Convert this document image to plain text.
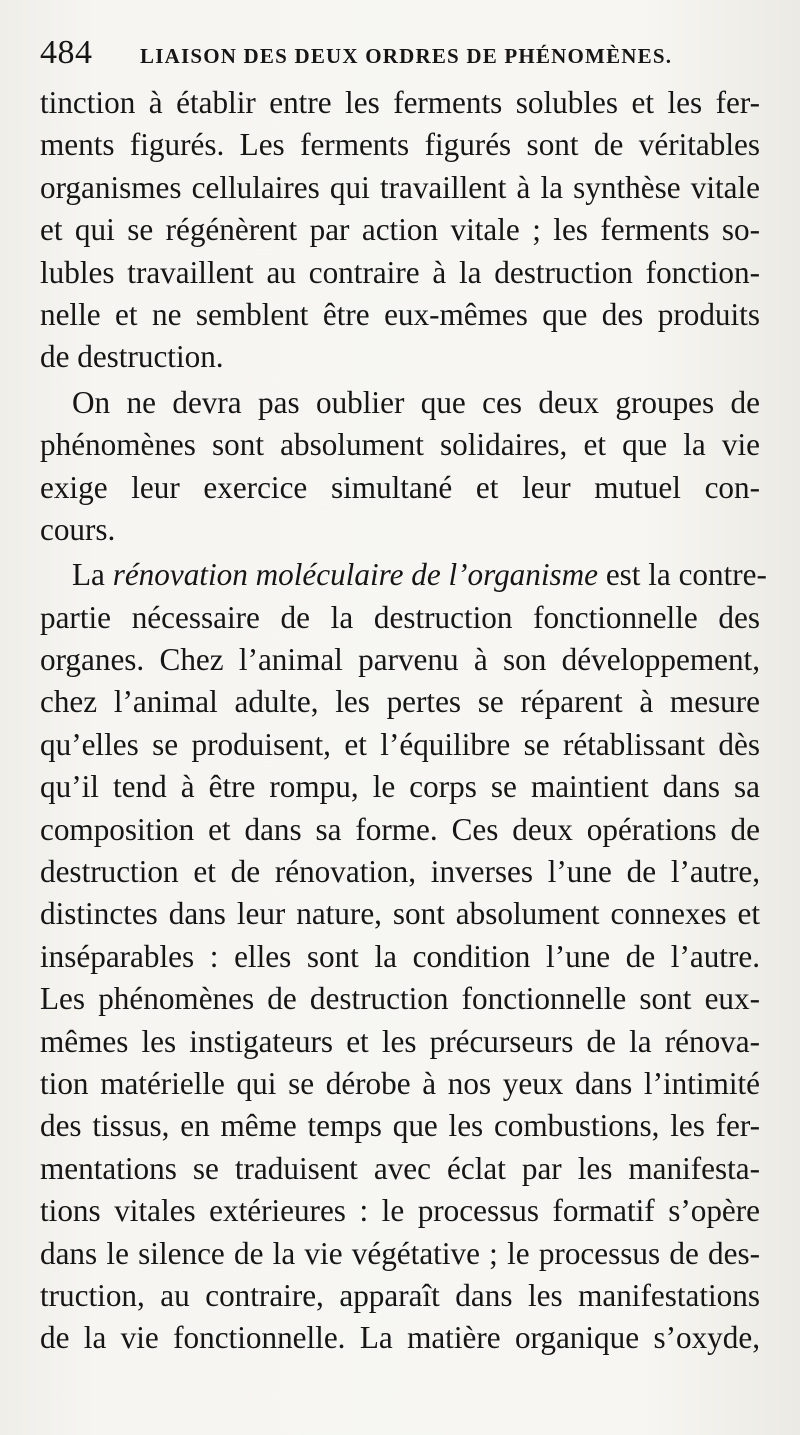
484 LIAISON DES DEUX ORDRES DE PHÉNOMÈNES.
tinction à établir entre les ferments solubles et les fer-
ments figurés. Les ferments figurés sont de véritables
organismes cellulaires qui travaillent à la synthèse vitale
et qui se régénèrent par action vitale ; les ferments so-
lubles travaillent au contraire à la destruction fonction-
nelle et ne semblent être eux-mêmes que des produits
de destruction.
On ne devra pas oublier que ces deux groupes de
phénomènes sont absolument solidaires, et que la vie
exige leur exercice simultané et leur mutuel con-
cours.
La rénovation moléculaire de l’organisme est la contre-
partie nécessaire de la destruction fonctionnelle des
organes. Chez l’animal parvenu à son développement,
chez l’animal adulte, les pertes se réparent à mesure
qu’elles se produisent, et l’équilibre se rétablissant dès
qu’il tend à être rompu, le corps se maintient dans sa
composition et dans sa forme. Ces deux opérations de
destruction et de rénovation, inverses l’une de l’autre,
distinctes dans leur nature, sont absolument connexes et
inséparables : elles sont la condition l’une de l’autre.
Les phénomènes de destruction fonctionnelle sont eux-
mêmes les instigateurs et les précurseurs de la rénova-
tion matérielle qui se dérobe à nos yeux dans l’intimité
des tissus, en même temps que les combustions, les fer-
mentations se traduisent avec éclat par les manifesta-
tions vitales extérieures : le processus formatif s’opère
dans le silence de la vie végétative ; le processus de des-
truction, au contraire, apparaît dans les manifestations
de la vie fonctionnelle. La matière organique s’oxyde,
